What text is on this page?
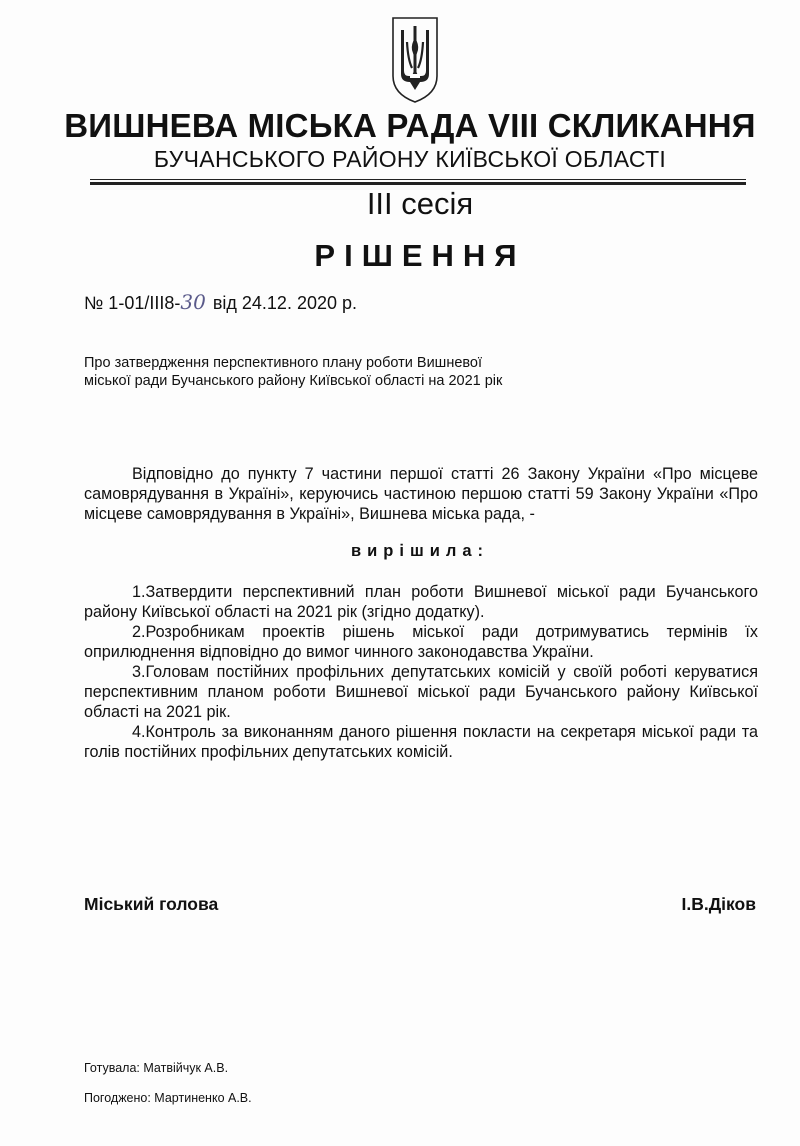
ВИШНЕВА МІСЬКА РАДА VIII СКЛИКАННЯ
БУЧАНСЬКОГО РАЙОНУ КИЇВСЬКОЇ ОБЛАСТІ
ІІІ сесія
РІШЕННЯ
№ 1-01/III8-30 від 24.12. 2020 р.
Про затвердження перспективного плану роботи Вишневої
міської ради Бучанського району Київської області на 2021 рік

Відповідно до пункту 7 частини першої статті 26 Закону України «Про місцеве самоврядування в Україні», керуючись частиною першою статті 59 Закону України «Про місцеве самоврядування в Україні», Вишнева міська рада, -

вирішила:

1.Затвердити перспективний план роботи Вишневої міської ради Бучанського району Київської області на 2021 рік (згідно додатку).

2.Розробникам проектів рішень міської ради дотримуватись термінів їх оприлюднення відповідно до вимог чинного законодавства України.

3.Головам постійних профільних депутатських комісій у своїй роботі керуватися перспективним планом роботи Вишневої міської ради Бучанського району Київської області на 2021 рік.

4.Контроль за виконанням даного рішення покласти на секретаря міської ради та голів постійних профільних депутатських комісій.

Міський голова	І.В.Діков
Готувала: Матвійчук А.В.
Погоджено: Мартиненко А.В.
